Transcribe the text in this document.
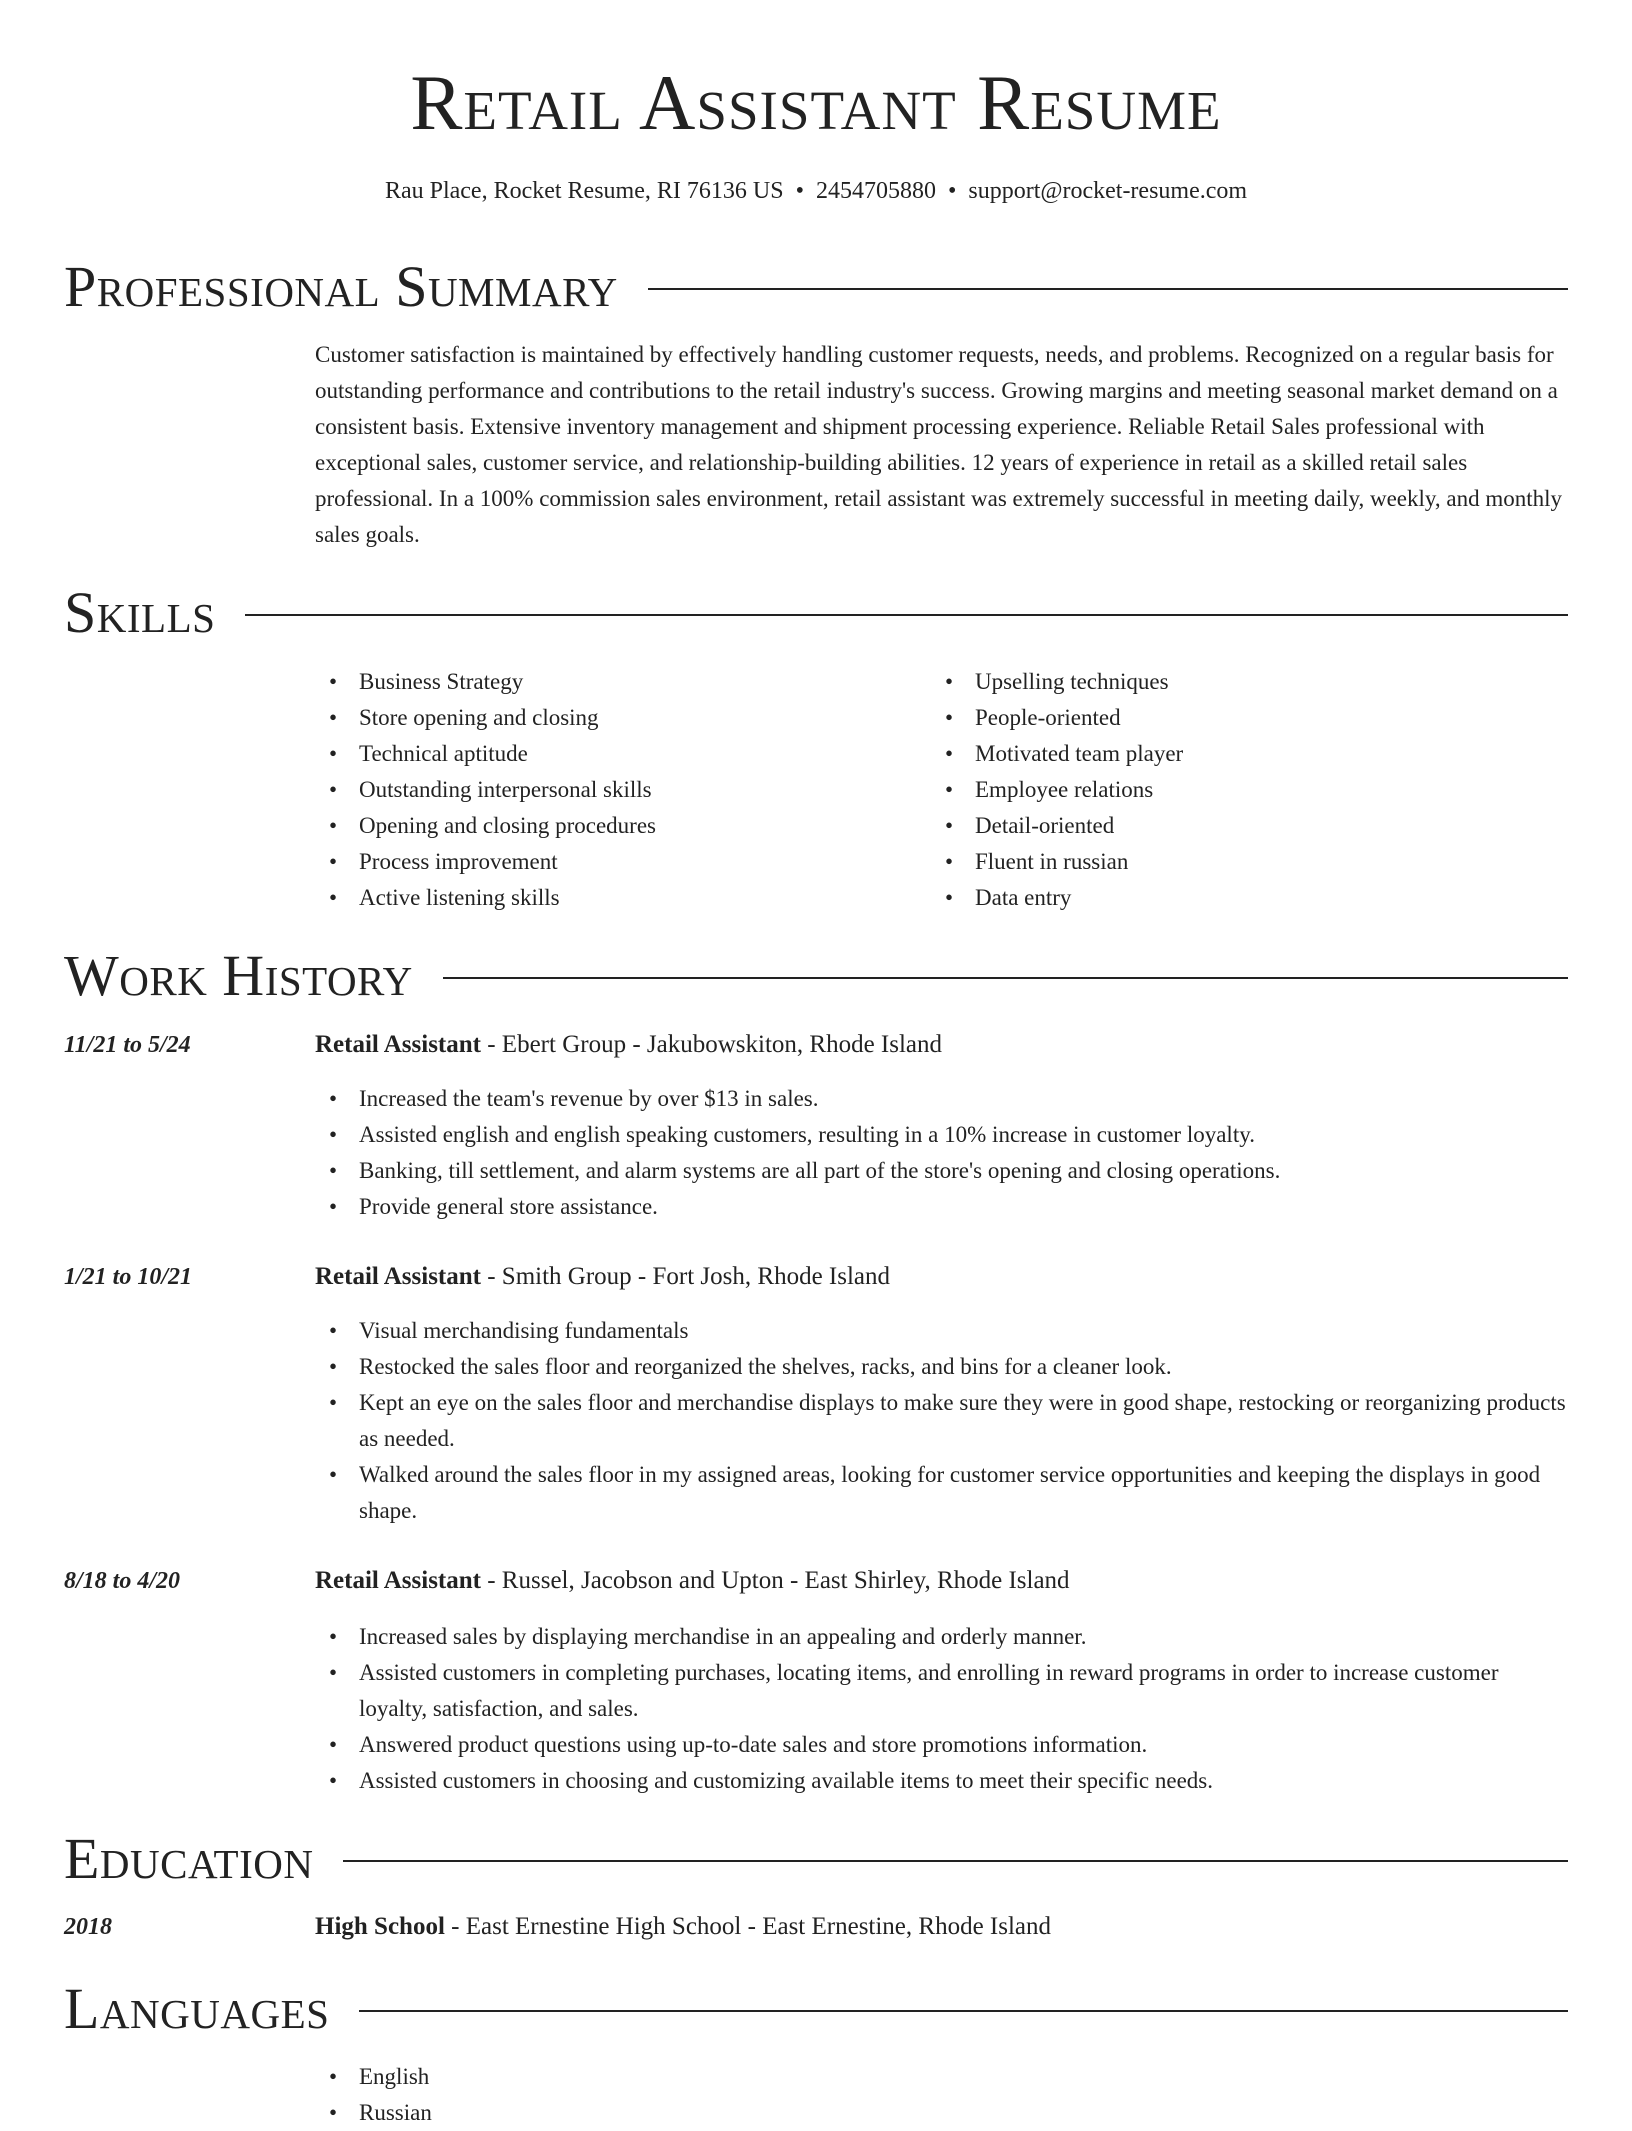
Retail Assistant Resume
Rau Place, Rocket Resume, RI 76136 US • 2454705880 • support@rocket-resume.com
Professional Summary

Customer satisfaction is maintained by effectively handling customer requests, needs, and problems. Recognized on a regular basis for outstanding performance and contributions to the retail industry's success. Growing margins and meeting seasonal market demand on a consistent basis. Extensive inventory management and shipment processing experience. Reliable Retail Sales professional with exceptional sales, customer service, and relationship-building abilities. 12 years of experience in retail as a skilled retail sales professional. In a 100% commission sales environment, retail assistant was extremely successful in meeting daily, weekly, and monthly sales goals.

Skills
• Business Strategy
• Store opening and closing
• Technical aptitude
• Outstanding interpersonal skills
• Opening and closing procedures
• Process improvement
• Active listening skills
• Upselling techniques
• People-oriented
• Motivated team player
• Employee relations
• Detail-oriented
• Fluent in russian
• Data entry
Work History
11/21 to 5/24	Retail Assistant - Ebert Group - Jakubowskiton, Rhode Island
• Increased the team's revenue by over $13 in sales.
• Assisted english and english speaking customers, resulting in a 10% increase in customer loyalty.
• Banking, till settlement, and alarm systems are all part of the store's opening and closing operations.
• Provide general store assistance.
1/21 to 10/21	Retail Assistant - Smith Group - Fort Josh, Rhode Island
• Visual merchandising fundamentals
• Restocked the sales floor and reorganized the shelves, racks, and bins for a cleaner look.
• Kept an eye on the sales floor and merchandise displays to make sure they were in good shape, restocking or reorganizing products as needed.
• Walked around the sales floor in my assigned areas, looking for customer service opportunities and keeping the displays in good shape.
8/18 to 4/20	Retail Assistant - Russel, Jacobson and Upton - East Shirley, Rhode Island
• Increased sales by displaying merchandise in an appealing and orderly manner.
• Assisted customers in completing purchases, locating items, and enrolling in reward programs in order to increase customer loyalty, satisfaction, and sales.
• Answered product questions using up-to-date sales and store promotions information.
• Assisted customers in choosing and customizing available items to meet their specific needs.
Education
2018	High School - East Ernestine High School - East Ernestine, Rhode Island
Languages
• English
• Russian
